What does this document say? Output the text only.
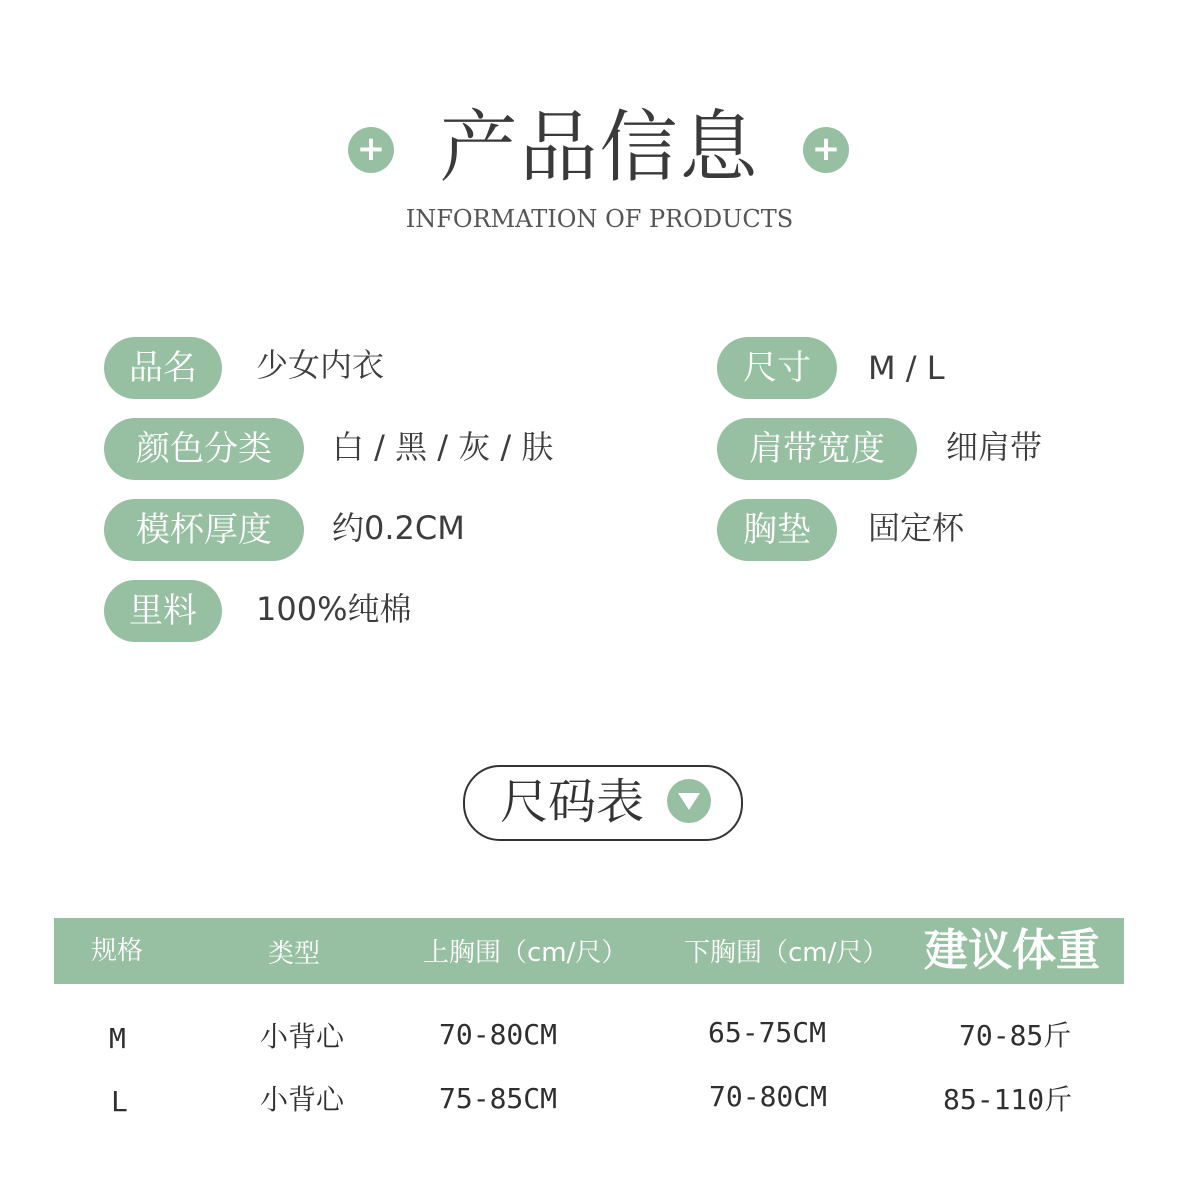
+ 产品信息	+
INFORMATION OF PRODUCTS
品名	少女内衣
颜色分类	白 / 黑 / 灰 / 肤
模杯厚度	约0.2CM
里料	100%纯棉
尺寸	M / L
肩带宽度	细肩带
胸垫	固定杯
尺码表
规格	类型	上胸围（cm/尺） 下胸围（cm/尺） 建议体重
M	小背心	70-80CM	65-75CM	70-85斤
L	小背心	75-85CM	70-80CM	85-110斤
